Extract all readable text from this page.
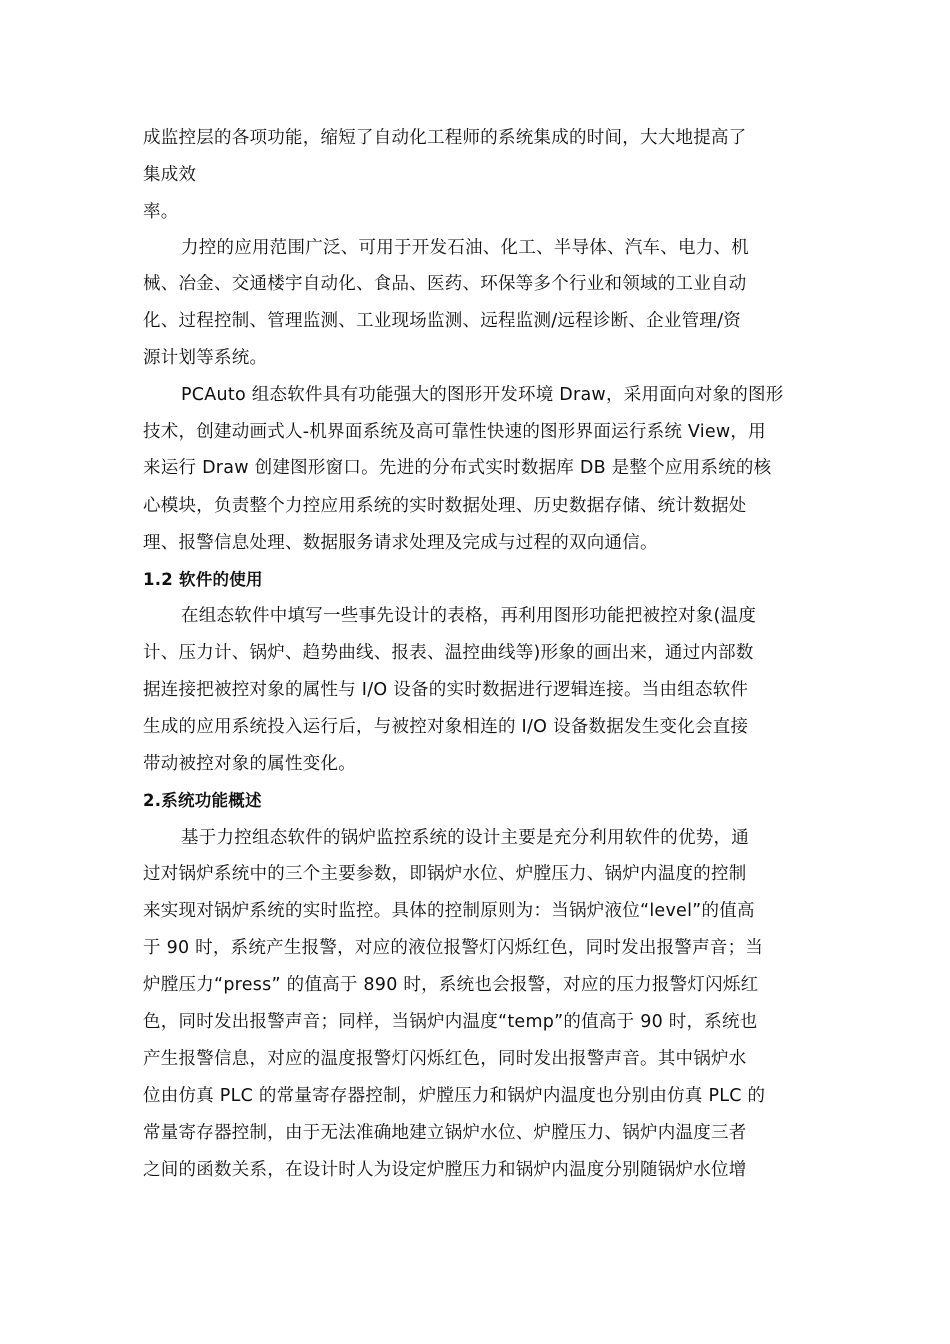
成监控层的各项功能，缩短了自动化工程师的系统集成的时间，大大地提高了
集成效
率。
力控的应用范围广泛、可用于开发石油、化工、半导体、汽车、电力、机
械、冶金、交通楼宇自动化、食品、医药、环保等多个行业和领域的工业自动
化、过程控制、管理监测、工业现场监测、远程监测/远程诊断、企业管理/资
源计划等系统。
PCAuto 组态软件具有功能强大的图形开发环境 Draw，采用面向对象的图形
技术，创建动画式人-机界面系统及高可靠性快速的图形界面运行系统 View，用
来运行 Draw 创建图形窗口。先进的分布式实时数据库 DB 是整个应用系统的核
心模块，负责整个力控应用系统的实时数据处理、历史数据存储、统计数据处
理、报警信息处理、数据服务请求处理及完成与过程的双向通信。
1.2 软件的使用
在组态软件中填写一些事先设计的表格，再利用图形功能把被控对象(温度
计、压力计、锅炉、趋势曲线、报表、温控曲线等)形象的画出来，通过内部数
据连接把被控对象的属性与 I/O 设备的实时数据进行逻辑连接。当由组态软件
生成的应用系统投入运行后，与被控对象相连的 I/O 设备数据发生变化会直接
带动被控对象的属性变化。
2.系统功能概述
基于力控组态软件的锅炉监控系统的设计主要是充分利用软件的优势，通
过对锅炉系统中的三个主要参数，即锅炉水位、炉膛压力、锅炉内温度的控制
来实现对锅炉系统的实时监控。具体的控制原则为：当锅炉液位“level”的值高
于 90 时，系统产生报警，对应的液位报警灯闪烁红色，同时发出报警声音；当
炉膛压力“press” 的值高于 890 时，系统也会报警，对应的压力报警灯闪烁红
色，同时发出报警声音；同样，当锅炉内温度“temp”的值高于 90 时，系统也
产生报警信息，对应的温度报警灯闪烁红色，同时发出报警声音。其中锅炉水
位由仿真 PLC 的常量寄存器控制，炉膛压力和锅炉内温度也分别由仿真 PLC 的
常量寄存器控制，由于无法准确地建立锅炉水位、炉膛压力、锅炉内温度三者
之间的函数关系，在设计时人为设定炉膛压力和锅炉内温度分别随锅炉水位增
